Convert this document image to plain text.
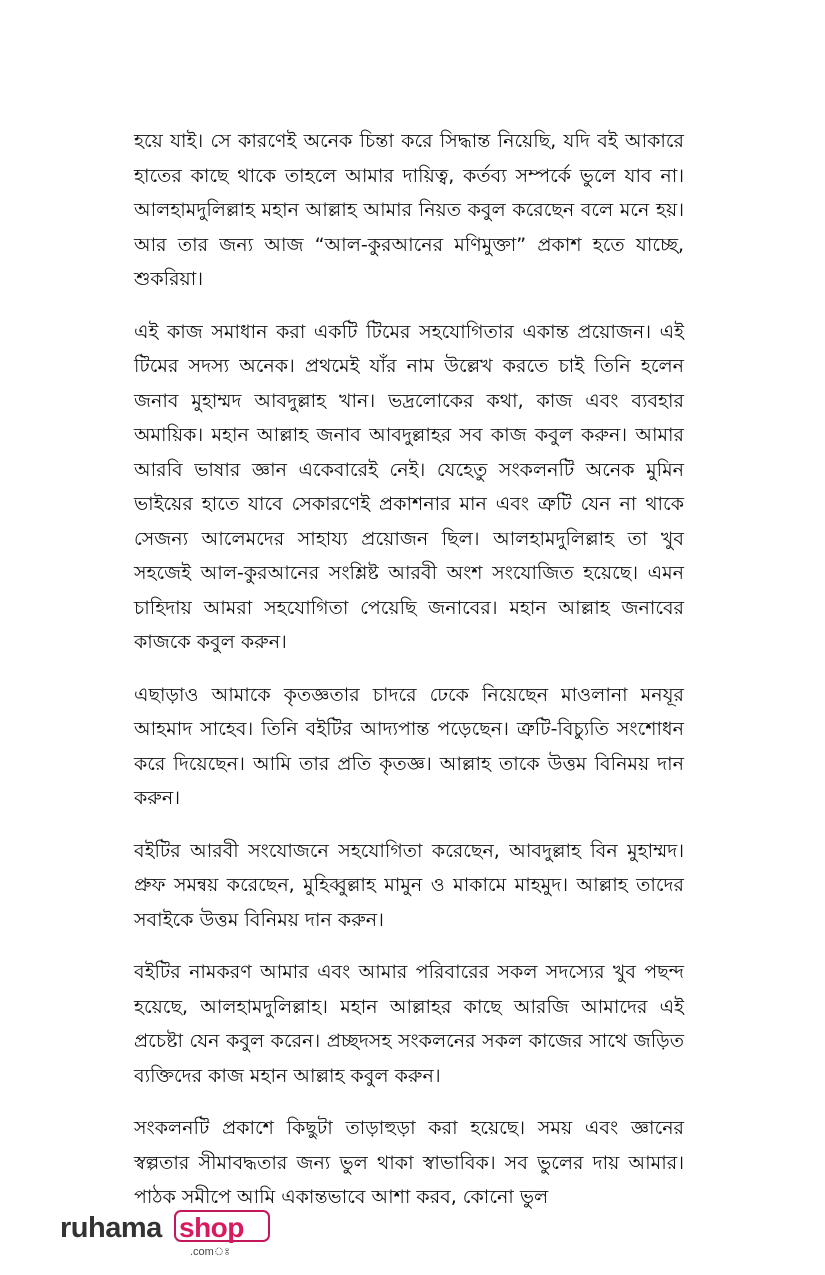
হয়ে যাই। সে কারণেই অনেক চিন্তা করে সিদ্ধান্ত নিয়েছি, যদি বই আকারে হাতের কাছে থাকে তাহলে আমার দায়িত্ব, কর্তব্য সম্পর্কে ভুলে যাব না। আলহামদুলিল্লাহ মহান আল্লাহ আমার নিয়ত কবুল করেছেন বলে মনে হয়। আর তার জন্য আজ “আল-কুরআনের মণিমুক্তা” প্রকাশ হতে যাচ্ছে, শুকরিয়া।

এই কাজ সমাধান করা একটি টিমের সহযোগিতার একান্ত প্রয়োজন। এই টিমের সদস্য অনেক। প্রথমেই যাঁর নাম উল্লেখ করতে চাই তিনি হলেন জনাব মুহাম্মদ আবদুল্লাহ খান। ভদ্রলোকের কথা, কাজ এবং ব্যবহার অমায়িক। মহান আল্লাহ জনাব আবদুল্লাহর সব কাজ কবুল করুন। আমার আরবি ভাষার জ্ঞান একেবারেই নেই। যেহেতু সংকলনটি অনেক মুমিন ভাইয়ের হাতে যাবে সেকারণেই প্রকাশনার মান এবং ত্রুটি যেন না থাকে সেজন্য আলেমদের সাহায্য প্রয়োজন ছিল। আলহামদুলিল্লাহ তা খুব সহজেই আল-কুরআনের সংশ্লিষ্ট আরবী অংশ সংযোজিত হয়েছে। এমন চাহিদায় আমরা সহযোগিতা পেয়েছি জনাবের। মহান আল্লাহ জনাবের কাজকে কবুল করুন।

এছাড়াও আমাকে কৃতজ্ঞতার চাদরে ঢেকে নিয়েছেন মাওলানা মনযূর আহমাদ সাহেব। তিনি বইটির আদ্যপান্ত পড়েছেন। ত্রুটি-বিচ্যুতি সংশোধন করে দিয়েছেন। আমি তার প্রতি কৃতজ্ঞ। আল্লাহ তাকে উত্তম বিনিময় দান করুন।

বইটির আরবী সংযোজনে সহযোগিতা করেছেন, আবদুল্লাহ বিন মুহাম্মদ। প্রুফ সমন্বয় করেছেন, মুহিব্বুল্লাহ মামুন ও মাকামে মাহমুদ। আল্লাহ তাদের সবাইকে উত্তম বিনিময় দান করুন।

বইটির নামকরণ আমার এবং আমার পরিবারের সকল সদস্যের খুব পছন্দ হয়েছে, আলহামদুলিল্লাহ। মহান আল্লাহর কাছে আরজি আমাদের এই প্রচেষ্টা যেন কবুল করেন। প্রচ্ছদসহ সংকলনের সকল কাজের সাথে জড়িত ব্যক্তিদের কাজ মহান আল্লাহ কবুল করুন।

সংকলনটি প্রকাশে কিছুটা তাড়াহুড়া করা হয়েছে। সময় এবং জ্ঞানের স্বল্পতার সীমাবদ্ধতার জন্য ভুল থাকা স্বাভাবিক। সব ভুলের দায় আমার। পাঠক সমীপে আমি একান্তভাবে আশা করব, কোনো ভুল

ruhama shop
.comঃ
